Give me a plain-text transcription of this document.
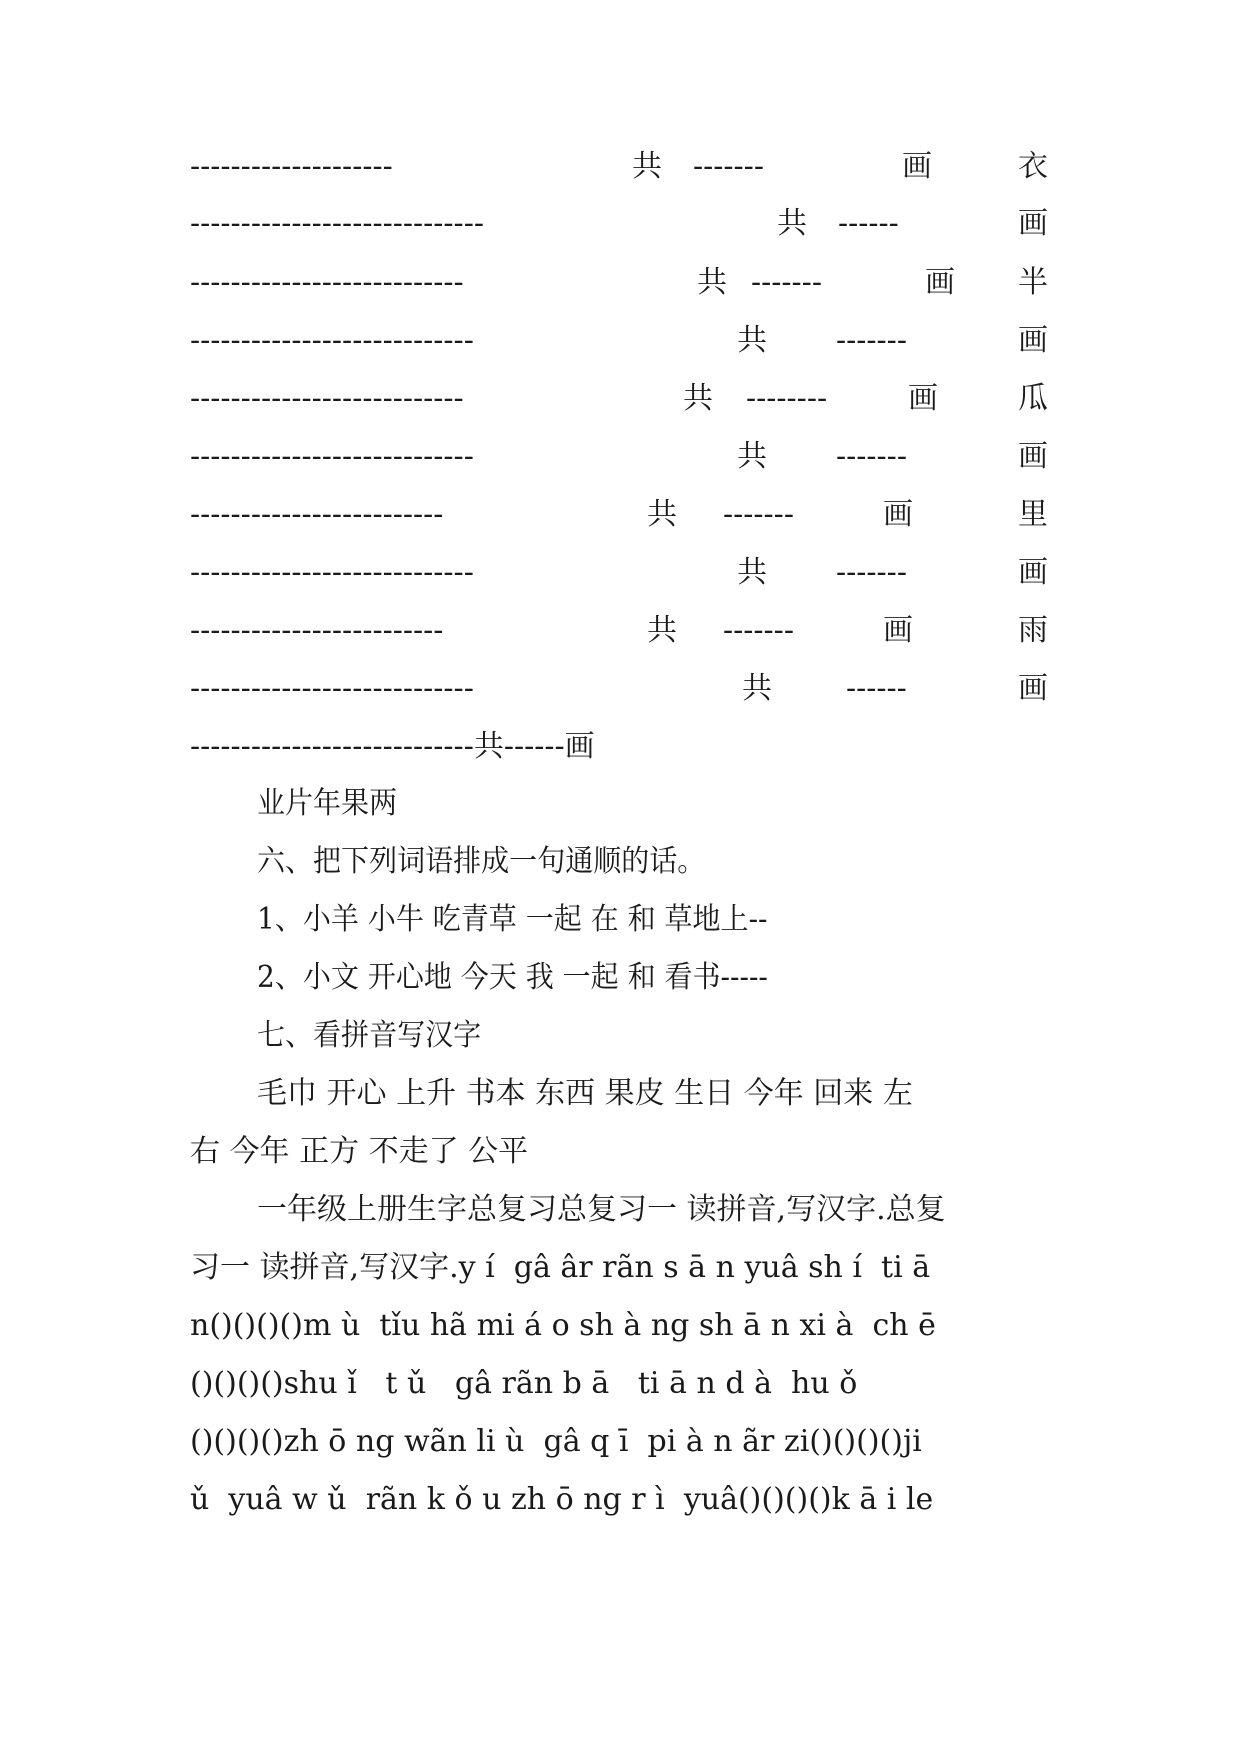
--------------------	共 -------	画	衣
-----------------------------	共 ------	画
---------------------------	共 -------	画 半
----------------------------	共 -------	画
---------------------------	共 --------	画	瓜
----------------------------	共 -------	画
-------------------------	共 -------	画	里
----------------------------	共 -------	画
-------------------------	共 -------	画	雨
----------------------------	共 ------	画
----------------------------共------画
业片年果两
六、把下列词语排成一句通顺的话。
1、小羊 小牛 吃青草 一起 在 和 草地上--
2、小文 开心地 今天 我 一起 和 看书-----
七、看拼音写汉字
毛巾 开心 上升 书本 东西 果皮 生日 今年 回来 左
右 今年 正方 不走了 公平
一年级上册生字总复习总复习一 读拼音,写汉字.总复
习一 读拼音,写汉字.y í  gâ âr rãn s ā n yuâ sh í  ti ā
n()()()()m ù  tǐu hã mi á o sh à ng sh ā n xi à  ch ē
()()()()shu ǐ   t ǔ   gâ rãn b ā   ti ā n d à  hu ǒ
()()()()zh ō ng wãn li ù  gâ q ī  pi à n ãr zi()()()()ji
ǔ  yuâ w ǔ  rãn k ǒ u zh ō ng r ì  yuâ()()()()k ā i le
